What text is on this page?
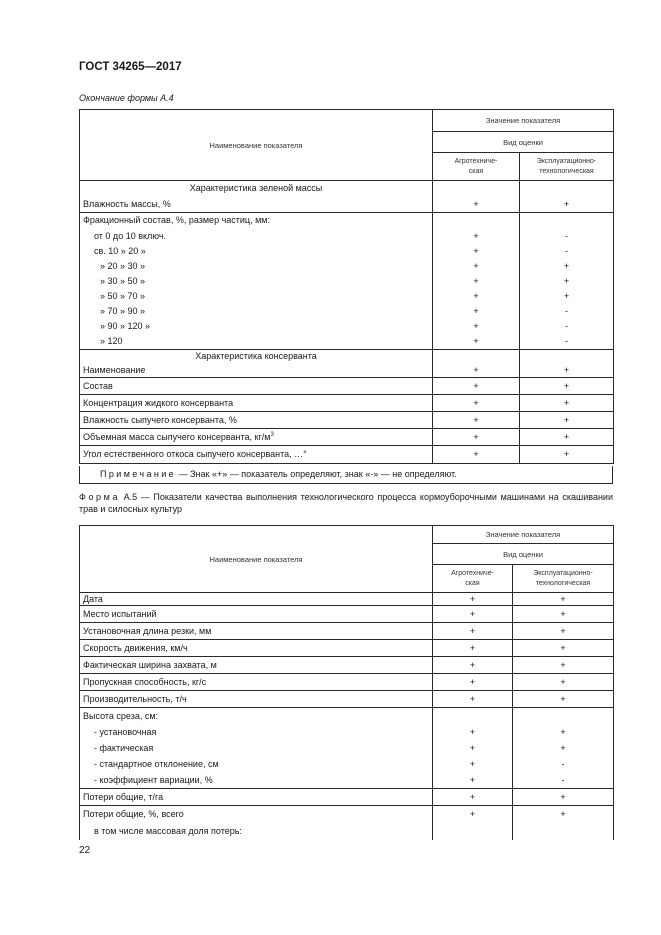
ГОСТ 34265—2017
Окончание формы А.4
Наименование показателя	Значение показателя	
	Вид оценки	
	Агротехниче-
ская	Эксплуатационно-
технологическая
Характеристика зеленой массы		
Влажность массы, %	+	+
Фракционный состав, %, размер частиц, мм:		
от 0 до 10 включ.	+	-
св. 10 » 20 »	+	-
» 20 » 30 »	+	+
» 30 » 50 »	+	+
» 50 » 70 »	+	+
» 70 » 90 »	+	-
» 90 » 120 »	+	-
» 120	+	-
Характеристика консерванта		
Наименование	+	+
Состав	+	+
Концентрация жидкого консерванта	+	+
Влажность сыпучего консерванта, %	+	+
Объемная масса сыпучего консерванта, $кг/м^3$	+	+
Угол естественного откоса сыпучего консерванта, …°	+	+
Примечание — Знак «+» — показатель определяют, знак «-» — не определяют.
Форма А.5 — Показатели качества выполнения технологического процесса кормоуборочными машинами на скашивании трав и силосных культур
Наименование показателя	Значение показателя	
	Вид оценки	
	Агротехниче-
ская	Эксплуатационно-
технологическая
Дата	+	+
Место испытаний	+	+
Установочная длина резки, мм	+	+
Скорость движения, км/ч	+	+
Фактическая ширина захвата, м	+	+
Пропускная способность, кг/с	+	+
Производительность, т/ч	+	+
Высота среза, см:		
- установочная	+	+
- фактическая	+	+
- стандартное отклонение, см	+	-
- коэффициент вариации, %	+	-
Потери общие, т/га	+	+
Потери общие, %, всего	+	+
в том числе массовая доля потерь:		
22
